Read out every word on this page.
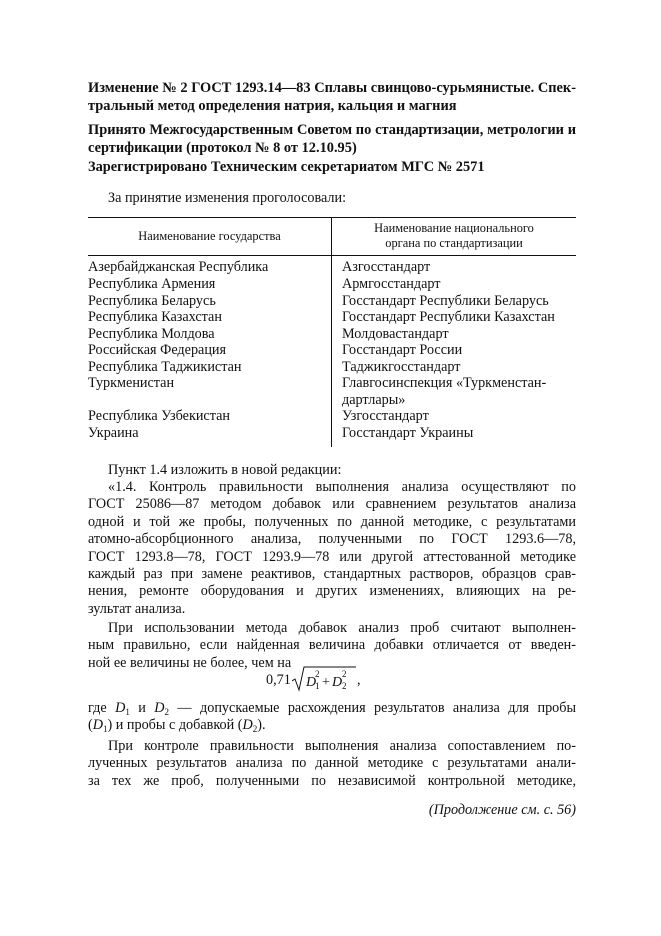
Изменение № 2 ГОСТ 1293.14—83 Сплавы свинцово-сурьмянистые. Спек-
тральный метод определения натрия, кальция и магния
Принято Межгосударственным Советом по стандартизации, метрологии и
сертификации (протокол № 8 от 12.10.95)
Зарегистрировано Техническим секретариатом МГС № 2571
За принятие изменения проголосовали:
Наименование государства
Наименование национального
органа по стандартизации
Азербайджанская Республика	Азгосстандарт
Республика Армения	Армгосстандарт
Республика Беларусь	Госстандарт Республики Беларусь
Республика Казахстан	Госстандарт Республики Казахстан
Республика Молдова	Молдовастандарт
Российская Федерация	Госстандарт России
Республика Таджикистан	Таджикгосстандарт
Туркменистан	Главгосинспекция «Туркменстан-
дартлары»
Республика Узбекистан	Узгосстандарт
Украина	Госстандарт Украины
Пункт 1.4 изложить в новой редакции:
«1.4. Контроль правильности выполнения анализа осуществляют по
ГОСТ 25086—87 методом добавок или сравнением результатов анализа
одной и той же пробы, полученных по данной методике, с результатами
атомно-абсорбционного анализа, полученными по ГОСТ 1293.6—78,
ГОСТ 1293.8—78, ГОСТ 1293.9—78 или другой аттестованной методике
каждый раз при замене реактивов, стандартных растворов, образцов срав-
нения, ремонте оборудования и других изменениях, влияющих на ре-
зультат анализа.
При использовании метода добавок анализ проб считают выполнен-
ным правильно, если найденная величина добавки отличается от введен-
ной ее величины не более, чем на
0,71 D
1
2
+ D 2
2 ,
где $D_1$ и $D_2$ — допускаемые расхождения результатов анализа для пробы
$(D_1)$ и пробы с добавкой $(D_2)$.
При контроле правильности выполнения анализа сопоставлением по-
лученных результатов анализа по данной методике с результатами анали-
за тех же проб, полученными по независимой контрольной методике,
(Продолжение см. с. 56)
